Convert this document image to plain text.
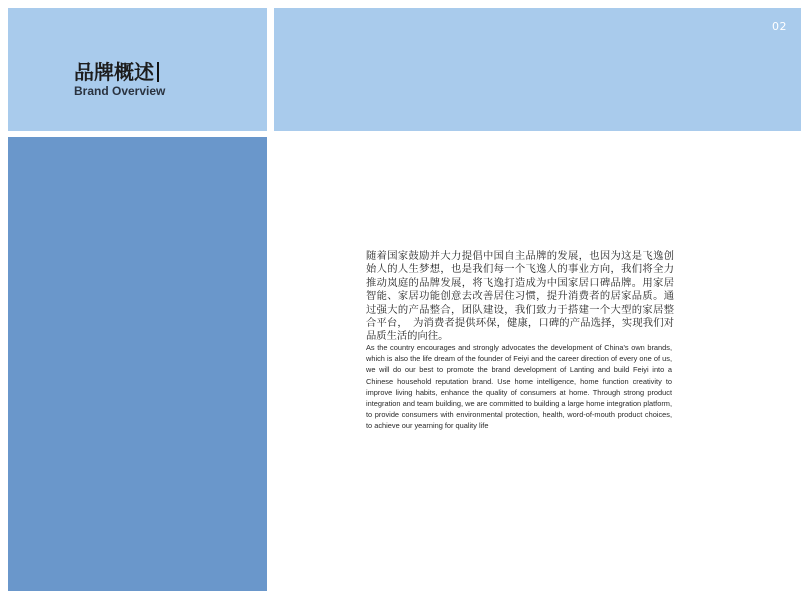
品牌概述
Brand Overview
02
随着国家鼓励并大力提倡中国自主品牌的发展，也因为这是飞逸创始人的人生梦想，也是我们每一个飞逸人的事业方向，我们将全力推动岚庭的品牌发展，将飞逸打造成为中国家居口碑品牌。用家居智能、家居功能创意去改善居住习惯，提升消费者的居家品质。通过强大的产品整合，团队建设，我们致力于搭建一个大型的家居整合平台，　为消费者提供环保，健康，口碑的产品选择，实现我们对品质生活的向往。
As the country encourages and strongly advocates the development of China's own brands, which is also the life dream of the founder of Feiyi and the career direction of every one of us, we will do our best to promote the brand development of Lanting and build Feiyi into a Chinese household reputation brand. Use home intelligence, home function creativity to improve living habits, enhance the quality of consumers at home. Through strong product integration and team building, we are committed to building a large home integration platform, to provide consumers with environmental protection, health, word-of-mouth product choices, to achieve our yearning for quality life
